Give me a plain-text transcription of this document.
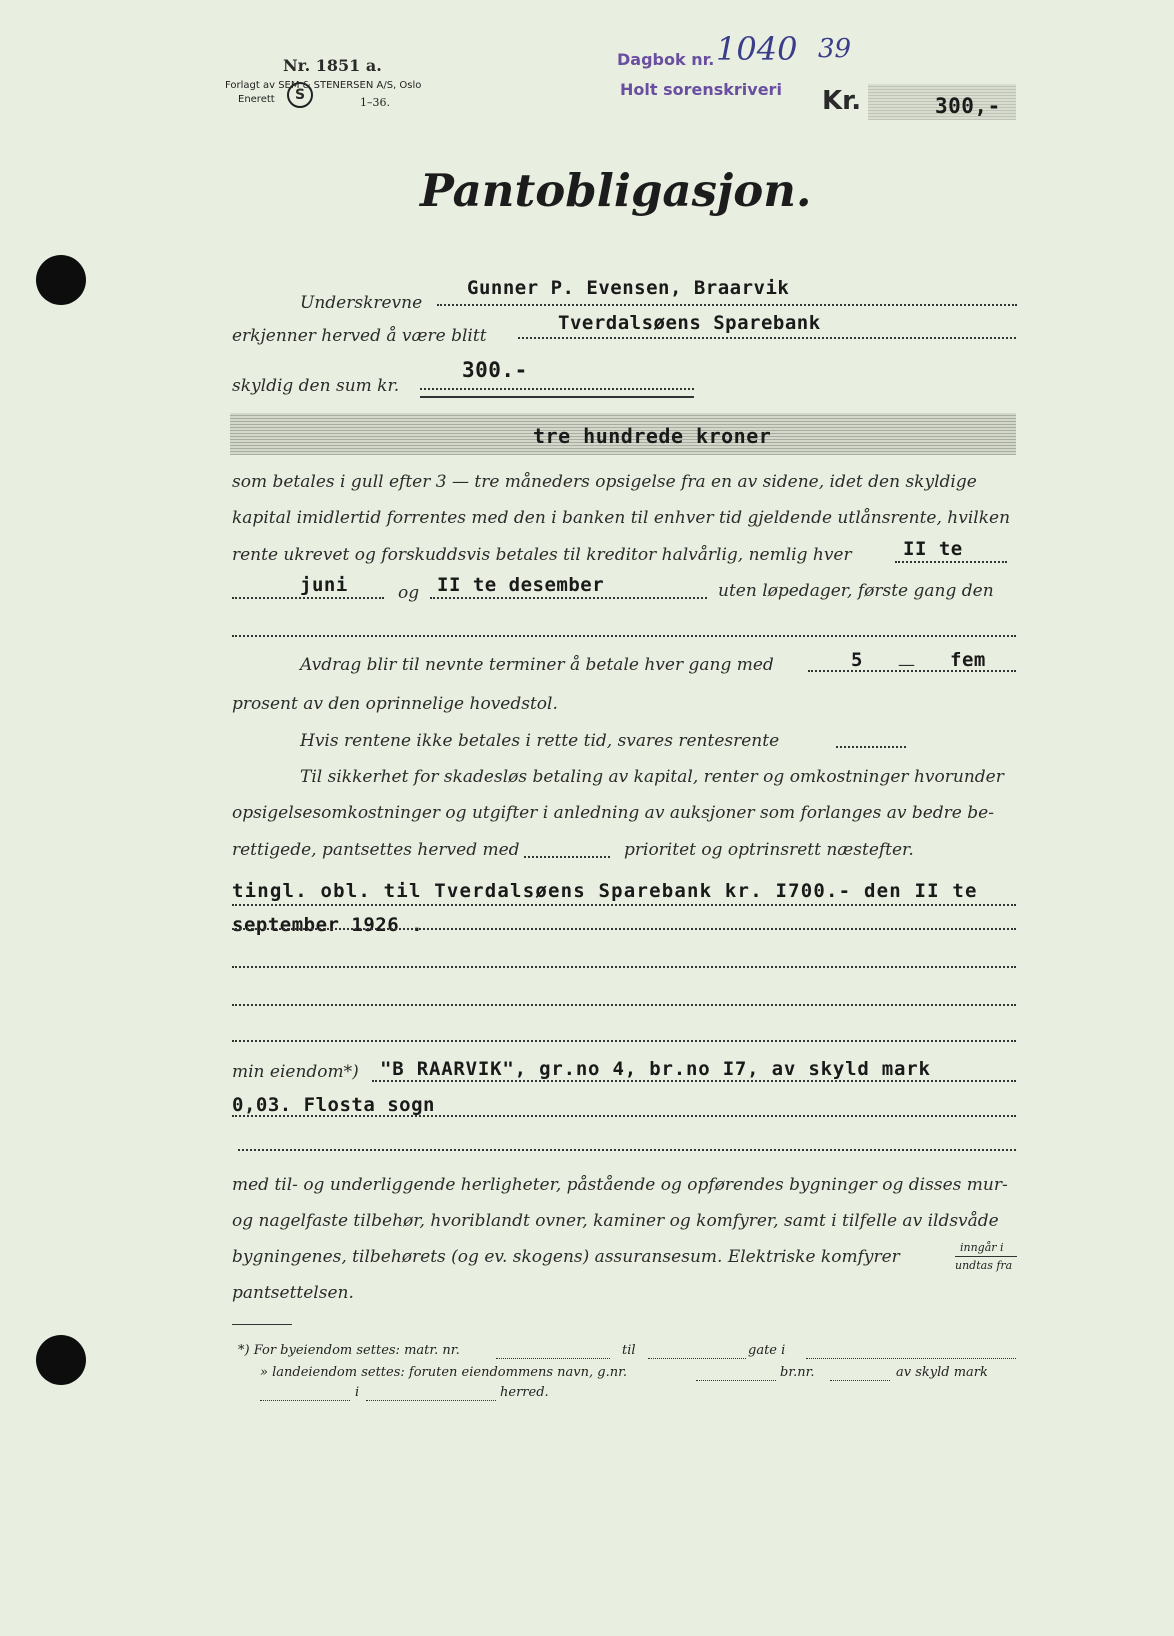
Nr. 1851 a.
Forlagt av SEM & STENERSEN A/S, Oslo
Enerett	S	1–36.
Dagbok nr.
Holt sorenskriveri
1040 39
Kr.	300,-
Pantobligasjon.
Underskrevne
Gunner P. Evensen, Braarvik
erkjenner herved å være blitt
Tverdalsøens Sparebank
skyldig den sum kr.
300.-
tre hundrede kroner
som betales i gull efter 3 — tre måneders opsigelse fra en av sidene, idet den skyldige
kapital imidlertid forrentes med den i banken til enhver tid gjeldende utlånsrente, hvilken
rente ukrevet og forskuddsvis betales til kreditor halvårlig, nemlig hver	II te
juni	og II te desember	uten løpedager, første gang den
Avdrag blir til nevnte terminer å betale hver gang med	5 — fem
prosent av den oprinnelige hovedstol.
Hvis rentene ikke betales i rette tid, svares rentesrente
Til sikkerhet for skadesløs betaling av kapital, renter og omkostninger hvorunder
opsigelsesomkostninger og utgifter i anledning av auksjoner som forlanges av bedre be-
rettigede, pantsettes herved med	prioritet og optrinsrett næstefter.
tingl. obl. til Tverdalsøens Sparebank kr. I700.- den II te
september 1926 .
min eiendom*) "B RAARVIK", gr.no 4, br.no I7, av skyld mark
0,03. Flosta sogn
med til- og underliggende herligheter, påstående og opførendes bygninger og disses mur-
og nagelfaste tilbehør, hvoriblandt ovner, kaminer og komfyrer, samt i tilfelle av ildsvåde
bygningenes, tilbehørets (og ev. skogens) assuransesum. Elektriske komfyrer	inngår i
undtas fra
pantsettelsen.
*) For byeiendom settes: matr. nr.	til	gate i
» landeiendom settes: foruten eiendommens navn, g.nr.	br.nr.	av skyld mark
i	herred.
